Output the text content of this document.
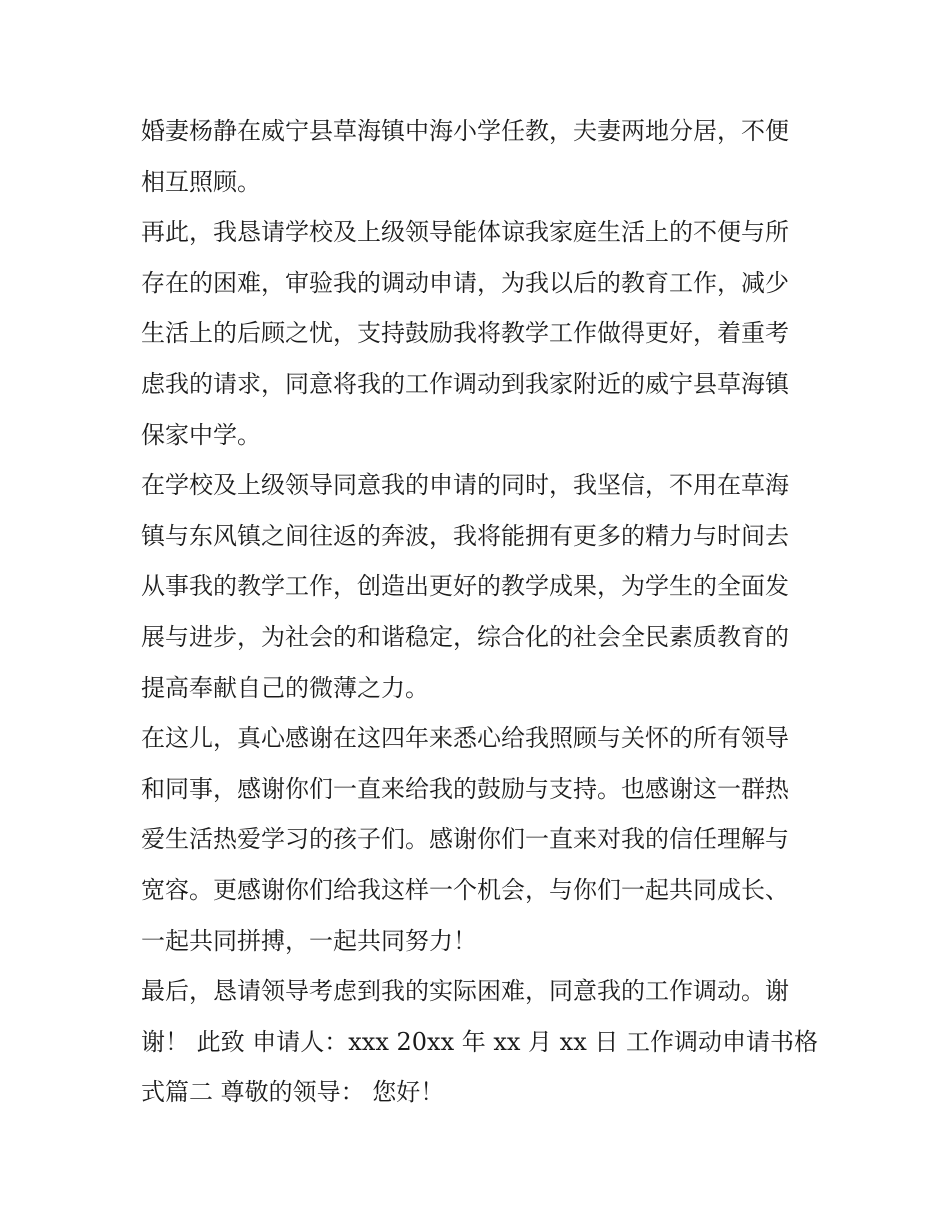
婚妻杨静在威宁县草海镇中海小学任教，夫妻两地分居，不便
相互照顾。
再此，我恳请学校及上级领导能体谅我家庭生活上的不便与所
存在的困难，审验我的调动申请，为我以后的教育工作，减少
生活上的后顾之忧，支持鼓励我将教学工作做得更好，着重考
虑我的请求，同意将我的工作调动到我家附近的威宁县草海镇
保家中学。
在学校及上级领导同意我的申请的同时，我坚信，不用在草海
镇与东风镇之间往返的奔波，我将能拥有更多的精力与时间去
从事我的教学工作，创造出更好的教学成果，为学生的全面发
展与进步，为社会的和谐稳定，综合化的社会全民素质教育的
提高奉献自己的微薄之力。
在这儿，真心感谢在这四年来悉心给我照顾与关怀的所有领导
和同事，感谢你们一直来给我的鼓励与支持。也感谢这一群热
爱生活热爱学习的孩子们。感谢你们一直来对我的信任理解与
宽容。更感谢你们给我这样一个机会，与你们一起共同成长、
一起共同拼搏，一起共同努力！
最后，恳请领导考虑到我的实际困难，同意我的工作调动。谢
谢！ 此致 申请人：xxx 20xx 年 xx 月 xx 日 工作调动申请书格
式篇二 尊敬的领导： 您好！
